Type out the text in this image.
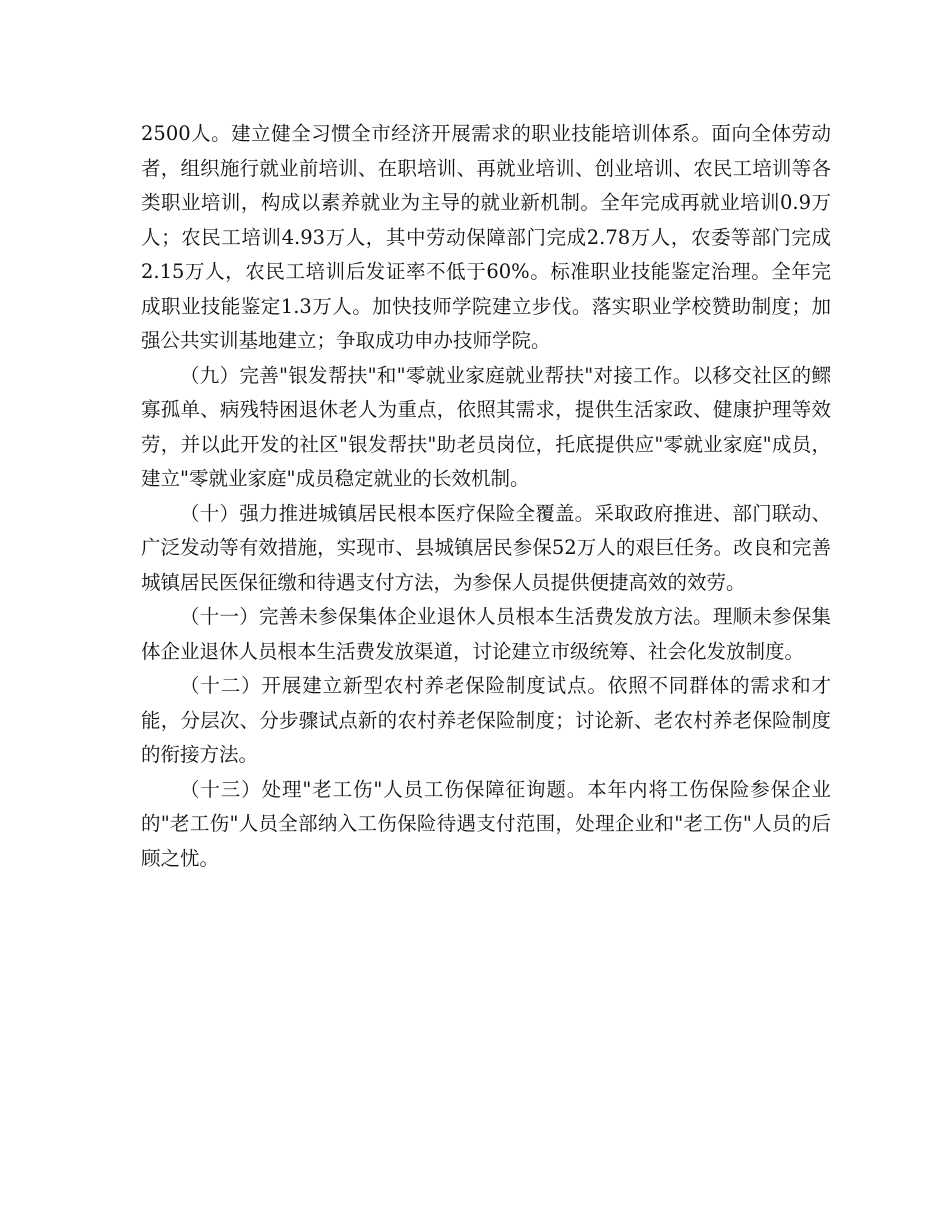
2500人。建立健全习惯全市经济开展需求的职业技能培训体系。面向全体劳动者，组织施行就业前培训、在职培训、再就业培训、创业培训、农民工培训等各类职业培训，构成以素养就业为主导的就业新机制。全年完成再就业培训0.9万人；农民工培训4.93万人，其中劳动保障部门完成2.78万人，农委等部门完成2.15万人，农民工培训后发证率不低于60%。标准职业技能鉴定治理。全年完成职业技能鉴定1.3万人。加快技师学院建立步伐。落实职业学校赞助制度；加强公共实训基地建立；争取成功申办技师学院。

（九）完善"银发帮扶"和"零就业家庭就业帮扶"对接工作。以移交社区的鳏寡孤单、病残特困退休老人为重点，依照其需求，提供生活家政、健康护理等效劳，并以此开发的社区"银发帮扶"助老员岗位，托底提供应"零就业家庭"成员，建立"零就业家庭"成员稳定就业的长效机制。

（十）强力推进城镇居民根本医疗保险全覆盖。采取政府推进、部门联动、广泛发动等有效措施，实现市、县城镇居民参保52万人的艰巨任务。改良和完善城镇居民医保征缴和待遇支付方法，为参保人员提供便捷高效的效劳。

（十一）完善未参保集体企业退休人员根本生活费发放方法。理顺未参保集体企业退休人员根本生活费发放渠道，讨论建立市级统筹、社会化发放制度。

（十二）开展建立新型农村养老保险制度试点。依照不同群体的需求和才能，分层次、分步骤试点新的农村养老保险制度；讨论新、老农村养老保险制度的衔接方法。

（十三）处理"老工伤"人员工伤保障征询题。本年内将工伤保险参保企业的"老工伤"人员全部纳入工伤保险待遇支付范围，处理企业和"老工伤"人员的后顾之忧。
